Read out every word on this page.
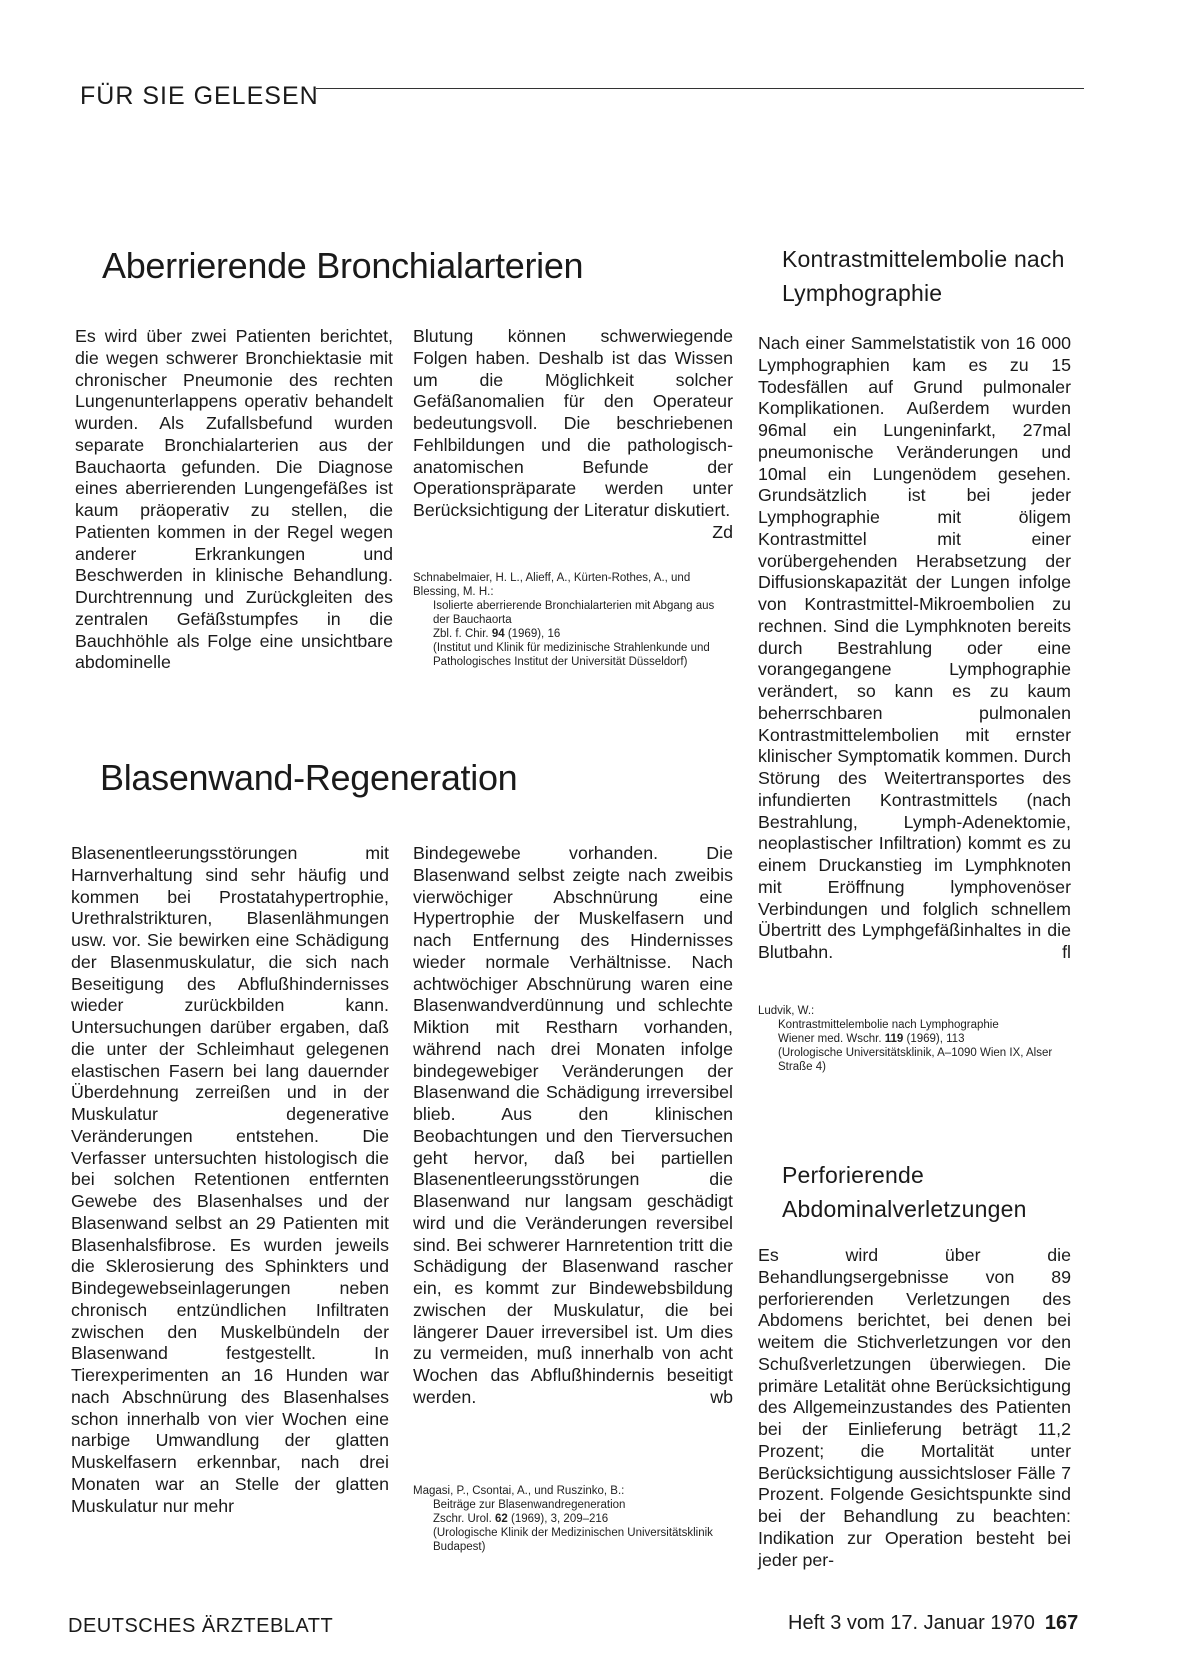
FÜR SIE GELESEN
Aberrierende Bronchialarterien

Es wird über zwei Patienten berichtet, die wegen schwerer Bronchiektasie mit chronischer Pneumonie des rechten Lungenunterlappens operativ behandelt wurden. Als Zufallsbefund wurden separate Bronchialarterien aus der Bauchaorta gefunden. Die Diagnose eines aberrierenden Lungengefäßes ist kaum präoperativ zu stellen, die Patienten kommen in der Regel wegen anderer Erkrankungen und Beschwerden in klinische Behandlung. Durchtrennung und Zurückgleiten des zentralen Gefäßstumpfes in die Bauchhöhle als Folge eine unsichtbare abdominelle

Blutung können schwerwiegende Folgen haben. Deshalb ist das Wissen um die Möglichkeit solcher Gefäßanomalien für den Operateur bedeutungsvoll. Die beschriebenen Fehlbildungen und die pathologisch-anatomischen Befunde der Operationspräparate werden unter Berücksichtigung der Literatur diskutiert.
Zd

Schnabelmaier, H. L., Alieff, A., Kürten-Rothes, A., und Blessing, M. H.:

Isolierte aberrierende Bronchialarterien mit Abgang aus der Bauchaorta

Zbl. f. Chir. 94 (1969), 16

(Institut und Klinik für medizinische Strahlenkunde und Pathologisches Institut der Universität Düsseldorf)

Blasenwand-Regeneration

Blasenentleerungsstörungen mit Harnverhaltung sind sehr häufig und kommen bei Prostatahypertrophie, Urethralstrikturen, Blasenlähmungen usw. vor. Sie bewirken eine Schädigung der Blasenmuskulatur, die sich nach Beseitigung des Abflußhindernisses wieder zurückbilden kann. Untersuchungen darüber ergaben, daß die unter der Schleimhaut gelegenen elastischen Fasern bei lang dauernder Überdehnung zerreißen und in der Muskulatur degenerative Veränderungen entstehen. Die Verfasser untersuchten histologisch die bei solchen Retentionen entfernten Gewebe des Blasenhalses und der Blasenwand selbst an 29 Patienten mit Blasenhalsfibrose. Es wurden jeweils die Sklerosierung des Sphinkters und Bindegewebseinlagerungen neben chronisch entzündlichen Infiltraten zwischen den Muskelbündeln der Blasenwand festgestellt. In Tierexperimenten an 16 Hunden war nach Abschnürung des Blasenhalses schon innerhalb von vier Wochen eine narbige Umwandlung der glatten Muskelfasern erkennbar, nach drei Monaten war an Stelle der glatten Muskulatur nur mehr

Bindegewebe vorhanden. Die Blasenwand selbst zeigte nach zweibis vierwöchiger Abschnürung eine Hypertrophie der Muskelfasern und nach Entfernung des Hindernisses wieder normale Verhältnisse. Nach achtwöchiger Abschnürung waren eine Blasenwandverdünnung und schlechte Miktion mit Restharn vorhanden, während nach drei Monaten infolge bindegewebiger Veränderungen der Blasenwand die Schädigung irreversibel blieb. Aus den klinischen Beobachtungen und den Tierversuchen geht hervor, daß bei partiellen Blasenentleerungsstörungen die Blasenwand nur langsam geschädigt wird und die Veränderungen reversibel sind. Bei schwerer Harnretention tritt die Schädigung der Blasenwand rascher ein, es kommt zur Bindewebsbildung zwischen der Muskulatur, die bei längerer Dauer irreversibel ist. Um dies zu vermeiden, muß innerhalb von acht Wochen das Abflußhindernis beseitigt werden.	wb

Magasi, P., Csontai, A., und Ruszinko, B.:

Beiträge zur Blasenwandregeneration

Zschr. Urol. 62 (1969), 3, 209–216

(Urologische Klinik der Medizinischen Universitätsklinik Budapest)

Kontrastmittelembolie nach Lymphographie

Nach einer Sammelstatistik von 16 000 Lymphographien kam es zu 15 Todesfällen auf Grund pulmonaler Komplikationen. Außerdem wurden 96mal ein Lungeninfarkt, 27mal pneumonische Veränderungen und 10mal ein Lungenödem gesehen. Grundsätzlich ist bei jeder Lymphographie mit öligem Kontrastmittel mit einer vorübergehenden Herabsetzung der Diffusionskapazität der Lungen infolge von Kontrastmittel-Mikroembolien zu rechnen. Sind die Lymphknoten bereits durch Bestrahlung oder eine vorangegangene Lymphographie verändert, so kann es zu kaum beherrschbaren pulmonalen Kontrastmittelembolien mit ernster klinischer Symptomatik kommen. Durch Störung des Weitertransportes des infundierten Kontrastmittels (nach Bestrahlung, Lymph-Adenektomie, neoplastischer Infiltration) kommt es zu einem Druckanstieg im Lymphknoten mit Eröffnung lymphovenöser Verbindungen und folglich schnellem Übertritt des Lymphgefäßinhaltes in die Blutbahn.	fl

Ludvik, W.:

Kontrastmittelembolie nach Lymphographie

Wiener med. Wschr. 119 (1969), 113

(Urologische Universitätsklinik, A–1090 Wien IX, Alser Straße 4)

Perforierende Abdominalverletzungen

Es wird über die Behandlungsergebnisse von 89 perforierenden Verletzungen des Abdomens berichtet, bei denen bei weitem die Stichverletzungen vor den Schußverletzungen überwiegen. Die primäre Letalität ohne Berücksichtigung des Allgemeinzustandes des Patienten bei der Einlieferung beträgt 11,2 Prozent; die Mortalität unter Berücksichtigung aussichtsloser Fälle 7 Prozent. Folgende Gesichtspunkte sind bei der Behandlung zu beachten: Indikation zur Operation besteht bei jeder per-

DEUTSCHES ÄRZTEBLATT	Heft 3 vom 17. Januar 1970 167
